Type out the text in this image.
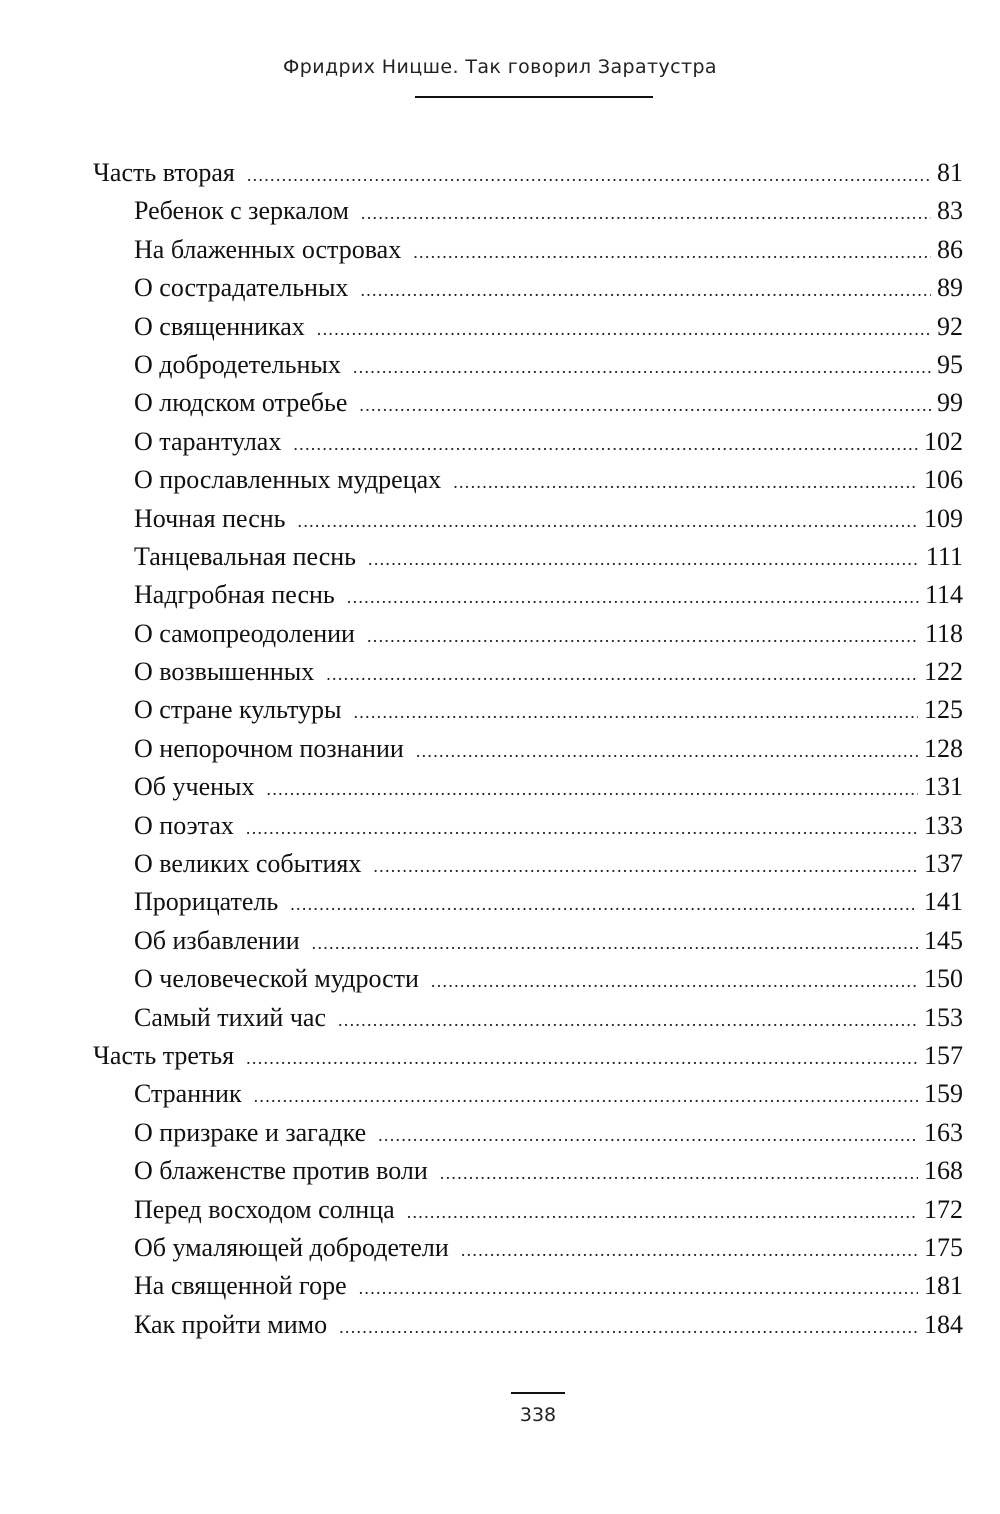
Фридрих Ницше. Так говорил Заратустра
Часть вторая . . .	81
Ребенок с зеркалом . . .	83
На блаженных островах . . .	86
О сострадательных . . .	89
О священниках . . .	92
О добродетельных . . .	95
О людском отребье . . .	99
О тарантулах . . .	102
О прославленных мудрецах . . .	106
Ночная песнь . . .	109
Танцевальная песнь . . .	111
Надгробная песнь . . .	114
О самопреодолении . . .	118
О возвышенных . . .	122
О стране культуры . . .	125
О непорочном познании . . .	128
Об ученых . . .	131
О поэтах . . .	133
О великих событиях . . .	137
Прорицатель . . .	141
Об избавлении . . .	145
О человеческой мудрости . . .	150
Самый тихий час . . .	153
Часть третья . . .	157
Странник . . .	159
О призраке и загадке . . .	163
О блаженстве против воли . . .	168
Перед восходом солнца . . .	172
Об умаляющей добродетели . . .	175
На священной горе . . .	181
Как пройти мимо . . .	184
338
